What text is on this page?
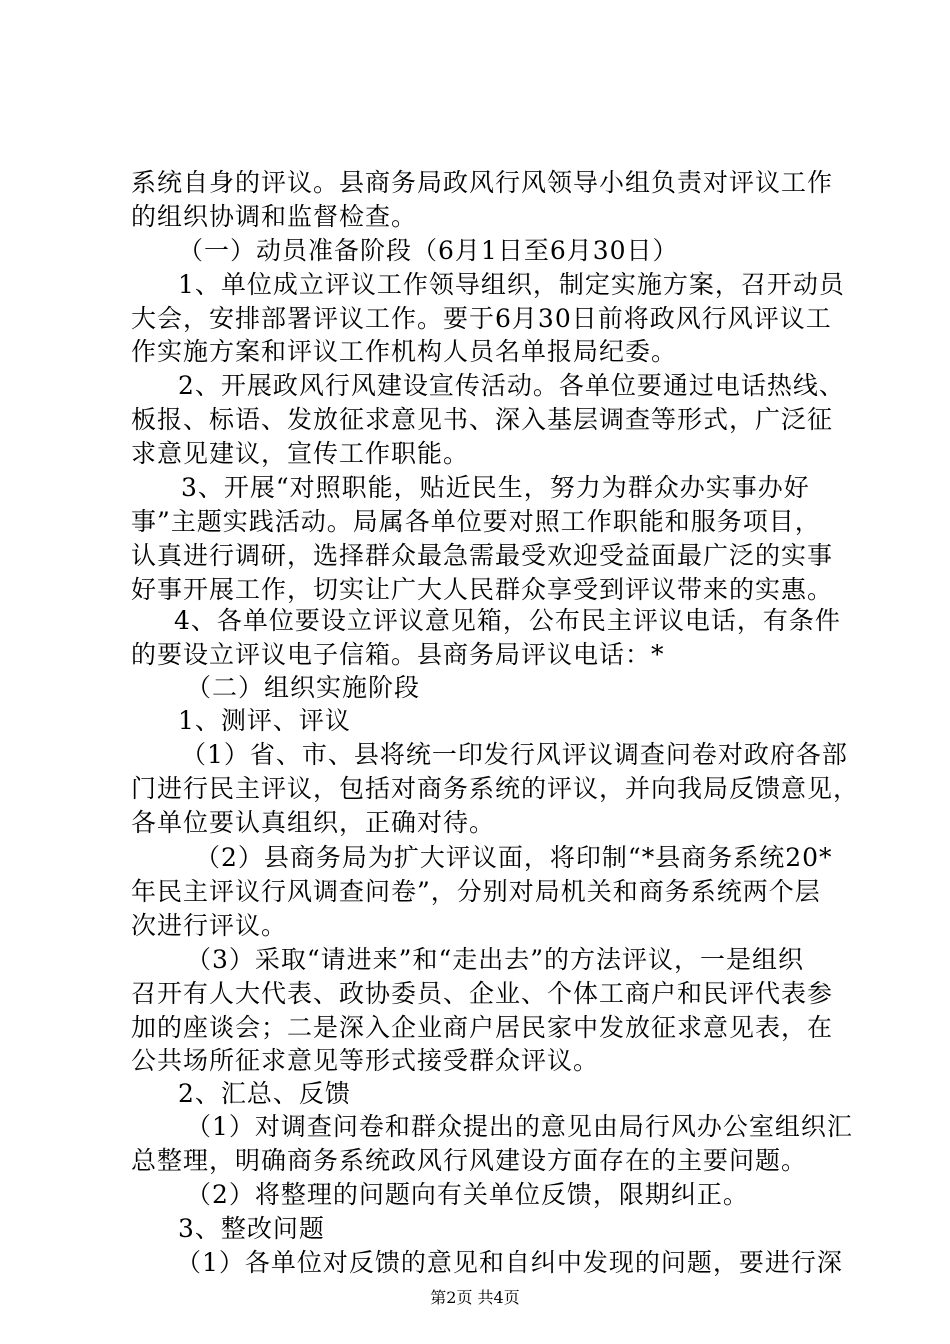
系统自身的评议。县商务局政风行风领导小组负责对评议工作
的组织协调和监督检查。
（一）动员准备阶段（6月1日至6月30日）
1、单位成立评议工作领导组织，制定实施方案，召开动员
大会，安排部署评议工作。要于6月30日前将政风行风评议工
作实施方案和评议工作机构人员名单报局纪委。
2、开展政风行风建设宣传活动。各单位要通过电话热线、
板报、标语、发放征求意见书、深入基层调查等形式，广泛征
求意见建议，宣传工作职能。
3、开展“对照职能，贴近民生，努力为群众办实事办好
事”主题实践活动。局属各单位要对照工作职能和服务项目，
认真进行调研，选择群众最急需最受欢迎受益面最广泛的实事
好事开展工作，切实让广大人民群众享受到评议带来的实惠。
4、各单位要设立评议意见箱，公布民主评议电话，有条件
的要设立评议电子信箱。县商务局评议电话：*
（二）组织实施阶段
1、测评、评议
（1）省、市、县将统一印发行风评议调查问卷对政府各部
门进行民主评议，包括对商务系统的评议，并向我局反馈意见，
各单位要认真组织，正确对待。
（2）县商务局为扩大评议面，将印制“*县商务系统20*
年民主评议行风调查问卷”，分别对局机关和商务系统两个层
次进行评议。
（3）采取“请进来”和“走出去”的方法评议，一是组织
召开有人大代表、政协委员、企业、个体工商户和民评代表参
加的座谈会；二是深入企业商户居民家中发放征求意见表，在
公共场所征求意见等形式接受群众评议。
2、汇总、反馈
（1）对调查问卷和群众提出的意见由局行风办公室组织汇
总整理，明确商务系统政风行风建设方面存在的主要问题。
（2）将整理的问题向有关单位反馈，限期纠正。
3、整改问题
（1）各单位对反馈的意见和自纠中发现的问题，要进行深
第2页 共4页
